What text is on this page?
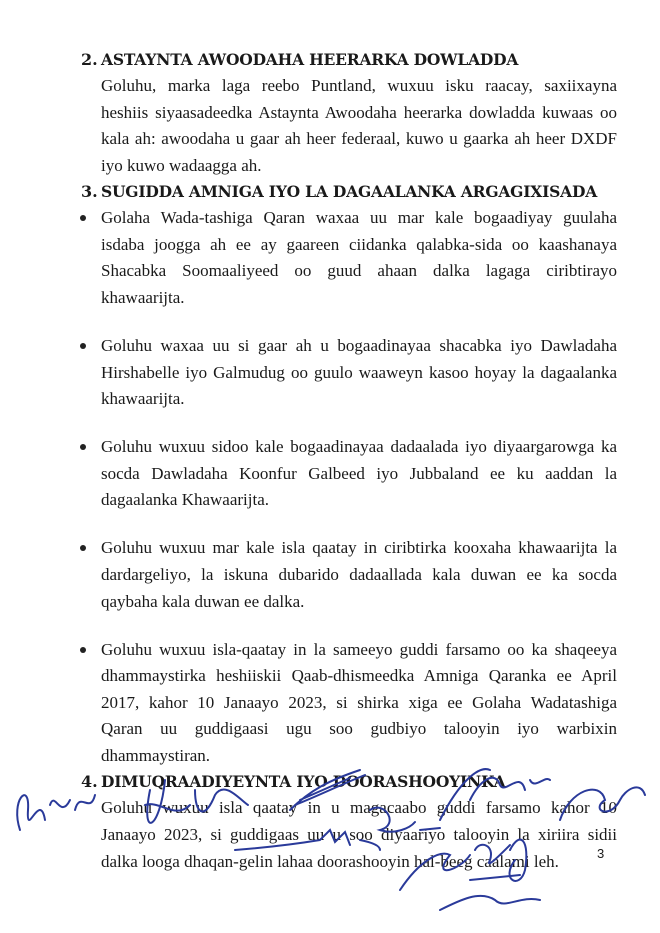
2. ASTAYNTA AWOODAHA HEERARKA DOWLADDA
Goluhu, marka laga reebo Puntland, wuxuu isku raacay, saxiixayna
heshiis siyaasadeedka Astaynta Awoodaha heerarka dowladda kuwaas oo
kala ah: awoodaha u gaar ah heer federaal, kuwo u gaarka ah heer DXDF
iyo kuwo wadaagga ah.
3. SUGIDDA AMNIGA IYO LA DAGAALANKA ARGAGIXISADA
Golaha Wada-tashiga Qaran waxaa uu mar kale bogaadiyay guulaha
isdaba joogga ah ee ay gaareen ciidanka qalabka-sida oo kaashanaya
Shacabka Soomaaliyeed oo guud ahaan dalka lagaga ciribtirayo
khawaarijta.
Goluhu waxaa uu si gaar ah u bogaadinayaa shacabka iyo Dawladaha
Hirshabelle iyo Galmudug oo guulo waaweyn kasoo hoyay la dagaalanka
khawaarijta.
Goluhu wuxuu sidoo kale bogaadinayaa dadaalada iyo diyaargarowga ka
socda Dawladaha Koonfur Galbeed iyo Jubbaland ee ku aaddan la
dagaalanka Khawaarijta.
Goluhu wuxuu mar kale isla qaatay in ciribtirka kooxaha khawaarijta la
dardargeliyo, la iskuna dubarido dadaallada kala duwan ee ka socda
qaybaha kala duwan ee dalka.
Goluhu wuxuu isla-qaatay in la sameeyo guddi farsamo oo ka shaqeeya
dhammaystirka heshiiskii Qaab-dhismeedka Amniga Qaranka ee April
2017, kahor 10 Janaayo 2023, si shirka xiga ee Golaha Wadatashiga
Qaran uu guddigaasi ugu soo gudbiyo talooyin iyo warbixin
dhammaystiran.
4. DIMUQRAADIYEYNTA IYO DOORASHOOYINKA
Goluhu wuxuu isla qaatay in u magacaabo guddi farsamo kahor 10
Janaayo 2023, si guddigaas uu u soo diyaariyo talooyin la xiriira sidii
dalka looga dhaqan-gelin lahaa doorashooyin hal-beeg caalami leh.	3
